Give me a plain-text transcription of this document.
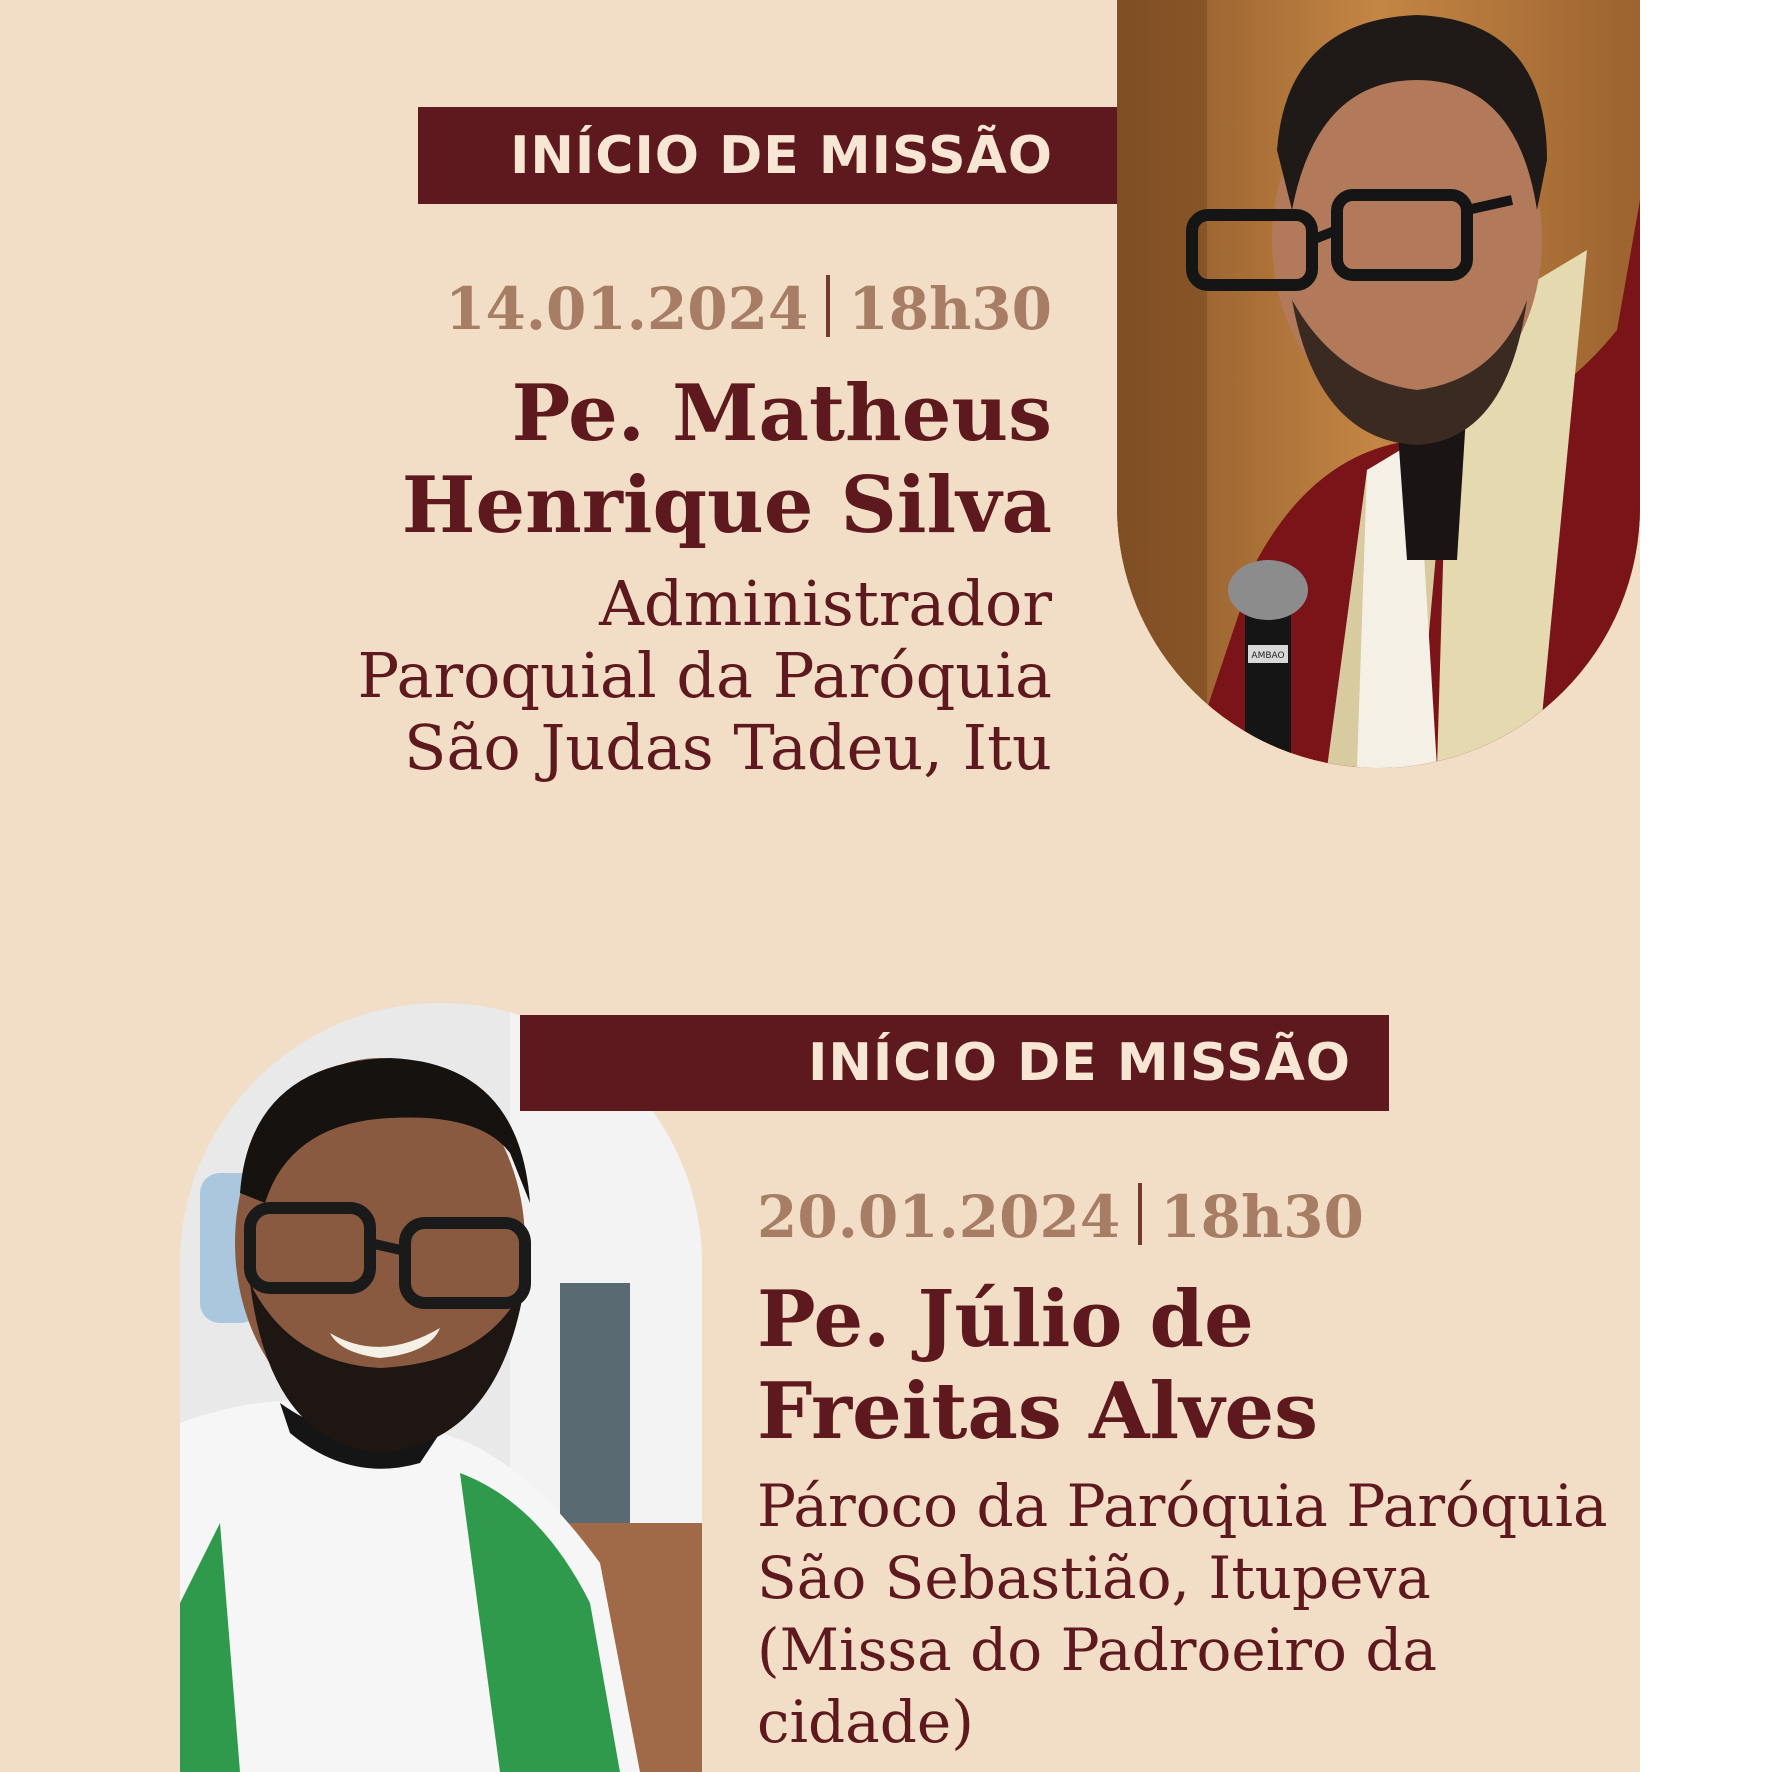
AMBAO
INÍCIO DE MISSÃO
14.01.2024 18h30
Pe. Matheus
Henrique Silva
Administrador
Paroquial da Paróquia
São Judas Tadeu, Itu
INÍCIO DE MISSÃO
20.01.2024 18h30
Pe. Júlio de
Freitas Alves
Pároco da Paróquia Paróquia
São Sebastião, Itupeva
(Missa do Padroeiro da cidade)
